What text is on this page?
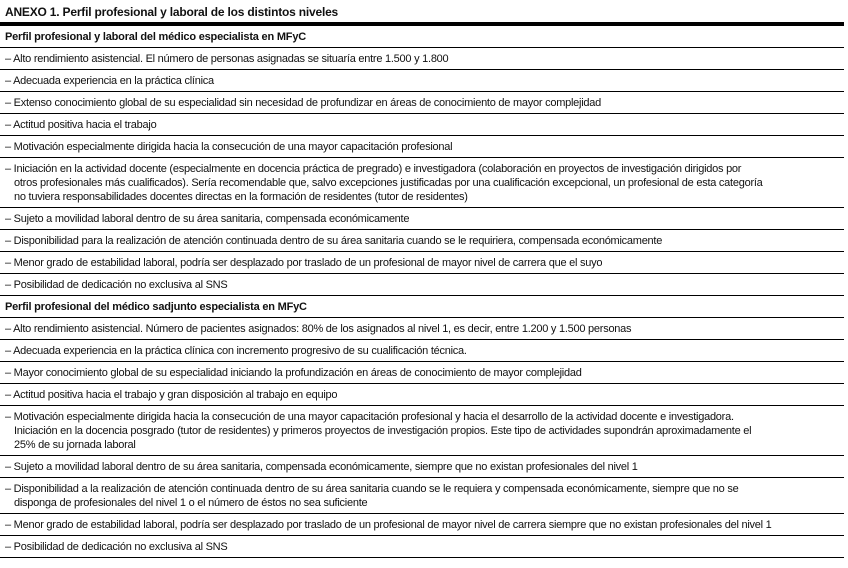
ANEXO 1. Perfil profesional y laboral de los distintos niveles
Perfil profesional y laboral del médico especialista en MFyC
– Alto rendimiento asistencial. El número de personas asignadas se situaría entre 1.500 y 1.800
– Adecuada experiencia en la práctica clínica
– Extenso conocimiento global de su especialidad sin necesidad de profundizar en áreas de conocimiento de mayor complejidad
– Actitud positiva hacia el trabajo
– Motivación especialmente dirigida hacia la consecución de una mayor capacitación profesional
– Iniciación en la actividad docente (especialmente en docencia práctica de pregrado) e investigadora (colaboración en proyectos de investigación dirigidos por
otros profesionales más cualificados). Sería recomendable que, salvo excepciones justificadas por una cualificación excepcional, un profesional de esta categoría
no tuviera responsabilidades docentes directas en la formación de residentes (tutor de residentes)
– Sujeto a movilidad laboral dentro de su área sanitaria, compensada económicamente
– Disponibilidad para la realización de atención continuada dentro de su área sanitaria cuando se le requiriera, compensada económicamente
– Menor grado de estabilidad laboral, podría ser desplazado por traslado de un profesional de mayor nivel de carrera que el suyo
– Posibilidad de dedicación no exclusiva al SNS
Perfil profesional del médico sadjunto especialista en MFyC
– Alto rendimiento asistencial. Número de pacientes asignados: 80% de los asignados al nivel 1, es decir, entre 1.200 y 1.500 personas
– Adecuada experiencia en la práctica clínica con incremento progresivo de su cualificación técnica.
– Mayor conocimiento global de su especialidad iniciando la profundización en áreas de conocimiento de mayor complejidad
– Actitud positiva hacia el trabajo y gran disposición al trabajo en equipo
– Motivación especialmente dirigida hacia la consecución de una mayor capacitación profesional y hacia el desarrollo de la actividad docente e investigadora.
Iniciación en la docencia posgrado (tutor de residentes) y primeros proyectos de investigación propios. Este tipo de actividades supondrán aproximadamente el
25% de su jornada laboral
– Sujeto a movilidad laboral dentro de su área sanitaria, compensada económicamente, siempre que no existan profesionales del nivel 1
– Disponibilidad a la realización de atención continuada dentro de su área sanitaria cuando se le requiera y compensada económicamente, siempre que no se
disponga de profesionales del nivel 1 o el número de éstos no sea suficiente
– Menor grado de estabilidad laboral, podría ser desplazado por traslado de un profesional de mayor nivel de carrera siempre que no existan profesionales del nivel 1
– Posibilidad de dedicación no exclusiva al SNS
